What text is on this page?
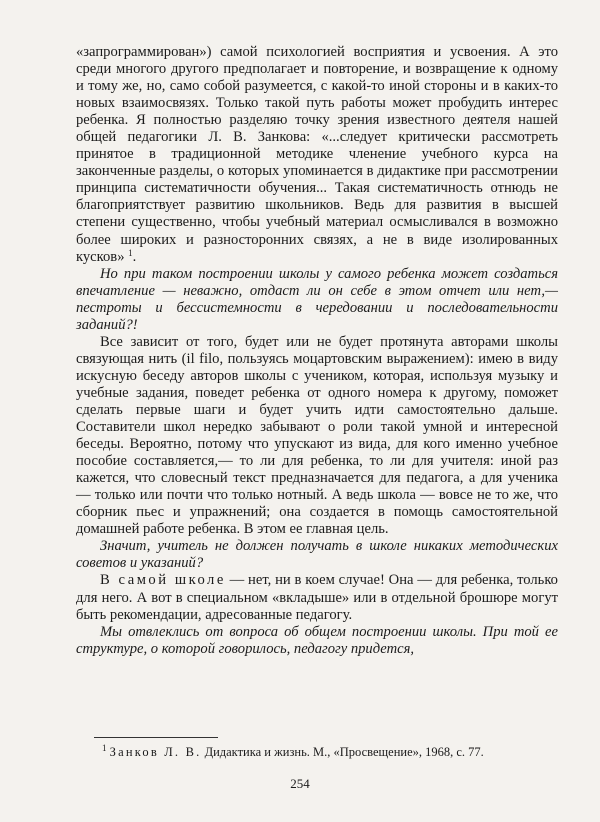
«запрограммирован») самой психологией восприятия и усвоения. А это среди многого другого предполагает и повторение, и возвращение к одному и тому же, но, само собой разумеется, с какой-то иной стороны и в каких-то новых взаимосвязях. Только такой путь работы может пробудить интерес ребенка. Я полностью разделяю точку зрения известного деятеля нашей общей педагогики Л. В. Занкова: «...следует критически рассмотреть принятое в традиционной методике членение учебного курса на законченные разделы, о которых упоминается в дидактике при рассмотрении принципа систематичности обучения... Такая систематичность отнюдь не благоприятствует развитию школьников. Ведь для развития в высшей степени существенно, чтобы учебный материал осмысливался в возможно более широких и разносторонних связях, а не в виде изолированных кусков» $^1$.

Но при таком построении школы у самого ребенка может создаться впечатление — неважно, отдаст ли он себе в этом отчет или нет,— пестроты и бессистемности в чередовании и последовательности заданий?!

Все зависит от того, будет или не будет протянута авторами школы связующая нить (il filo, пользуясь моцартовским выражением): имею в виду искусную беседу авторов школы с учеником, которая, используя музыку и учебные задания, поведет ребенка от одного номера к другому, поможет сделать первые шаги и будет учить идти самостоятельно дальше. Составители школ нередко забывают о роли такой умной и интересной беседы. Вероятно, потому что упускают из вида, для кого именно учебное пособие составляется,— то ли для ребенка, то ли для учителя: иной раз кажется, что словесный текст предназначается для педагога, а для ученика — только или почти что только нотный. А ведь школа — вовсе не то же, что сборник пьес и упражнений; она создается в помощь самостоятельной домашней работе ребенка. В этом ее главная цель.

Значит, учитель не должен получать в школе никаких методических советов и указаний?

В самой школе — нет, ни в коем случае! Она — для ребенка, только для него. А вот в специальном «вкладыше» или в отдельной брошюре могут быть рекомендации, адресованные педагогу.

Мы отвлеклись от вопроса об общем построении школы. При той ее структуре, о которой говорилось, педагогу придется,

$^1$ Занков Л. В. Дидактика и жизнь. М., «Просвещение», 1968, с. 77.
254
